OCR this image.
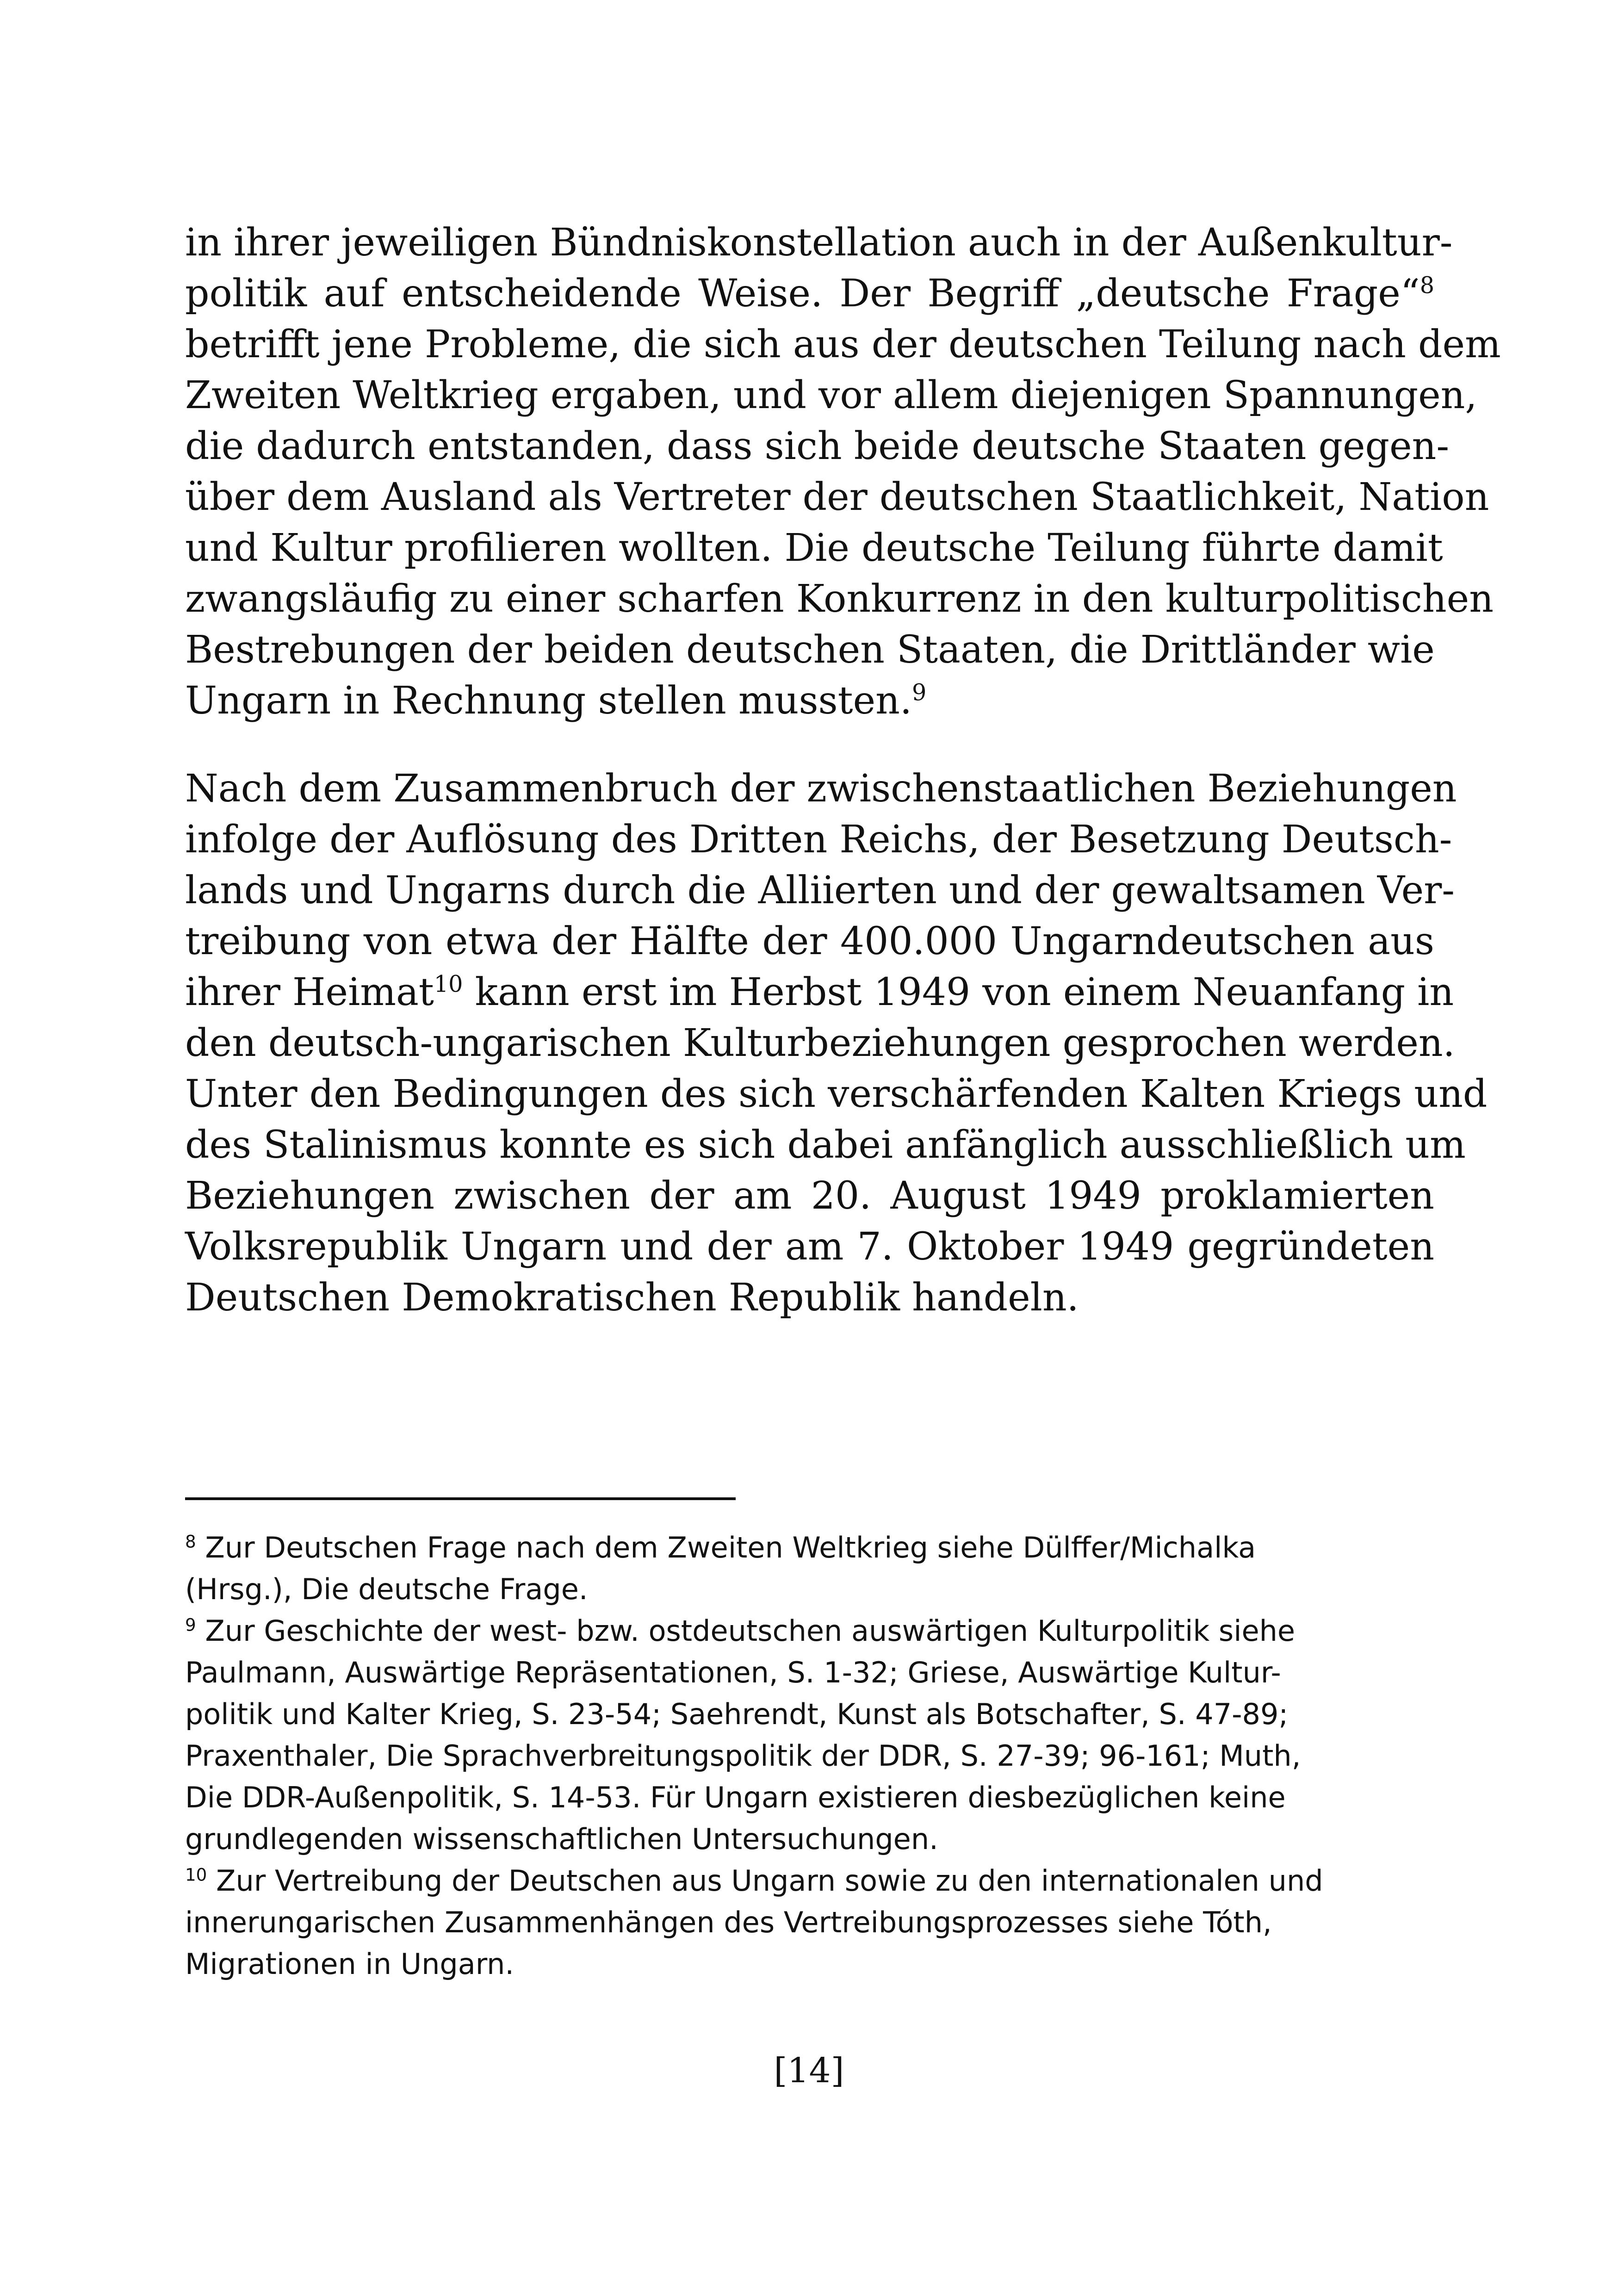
in ihrer jeweiligen Bündniskonstellation auch in der Außenkultur-
politik auf entscheidende Weise. Der Begriff „deutsche Frage“$^8$
betrifft jene Probleme, die sich aus der deutschen Teilung nach dem
Zweiten Weltkrieg ergaben, und vor allem diejenigen Spannungen,
die dadurch entstanden, dass sich beide deutsche Staaten gegen-
über dem Ausland als Vertreter der deutschen Staatlichkeit, Nation
und Kultur profilieren wollten. Die deutsche Teilung führte damit
zwangsläufig zu einer scharfen Konkurrenz in den kulturpolitischen
Bestrebungen der beiden deutschen Staaten, die Drittländer wie
Ungarn in Rechnung stellen mussten.$^9$
Nach dem Zusammenbruch der zwischenstaatlichen Beziehungen
infolge der Auflösung des Dritten Reichs, der Besetzung Deutsch-
lands und Ungarns durch die Alliierten und der gewaltsamen Ver-
treibung von etwa der Hälfte der 400.000 Ungarndeutschen aus
ihrer Heimat$^{10}$ kann erst im Herbst 1949 von einem Neuanfang in
den deutsch-ungarischen Kulturbeziehungen gesprochen werden.
Unter den Bedingungen des sich verschärfenden Kalten Kriegs und
des Stalinismus konnte es sich dabei anfänglich ausschließlich um
Beziehungen zwischen der am 20. August 1949 proklamierten
Volksrepublik Ungarn und der am 7. Oktober 1949 gegründeten
Deutschen Demokratischen Republik handeln.
$^8$ Zur Deutschen Frage nach dem Zweiten Weltkrieg siehe Dülffer/Michalka
(Hrsg.), Die deutsche Frage.
$^9$ Zur Geschichte der west- bzw. ostdeutschen auswärtigen Kulturpolitik siehe
Paulmann, Auswärtige Repräsentationen, S. 1-32; Griese, Auswärtige Kultur-
politik und Kalter Krieg, S. 23-54; Saehrendt, Kunst als Botschafter, S. 47-89;
Praxenthaler, Die Sprachverbreitungspolitik der DDR, S. 27-39; 96-161; Muth,
Die DDR-Außenpolitik, S. 14-53. Für Ungarn existieren diesbezüglichen keine
grundlegenden wissenschaftlichen Untersuchungen.
$^{10}$ Zur Vertreibung der Deutschen aus Ungarn sowie zu den internationalen und
innerungarischen Zusammenhängen des Vertreibungsprozesses siehe Tóth,
Migrationen in Ungarn.
[14]
